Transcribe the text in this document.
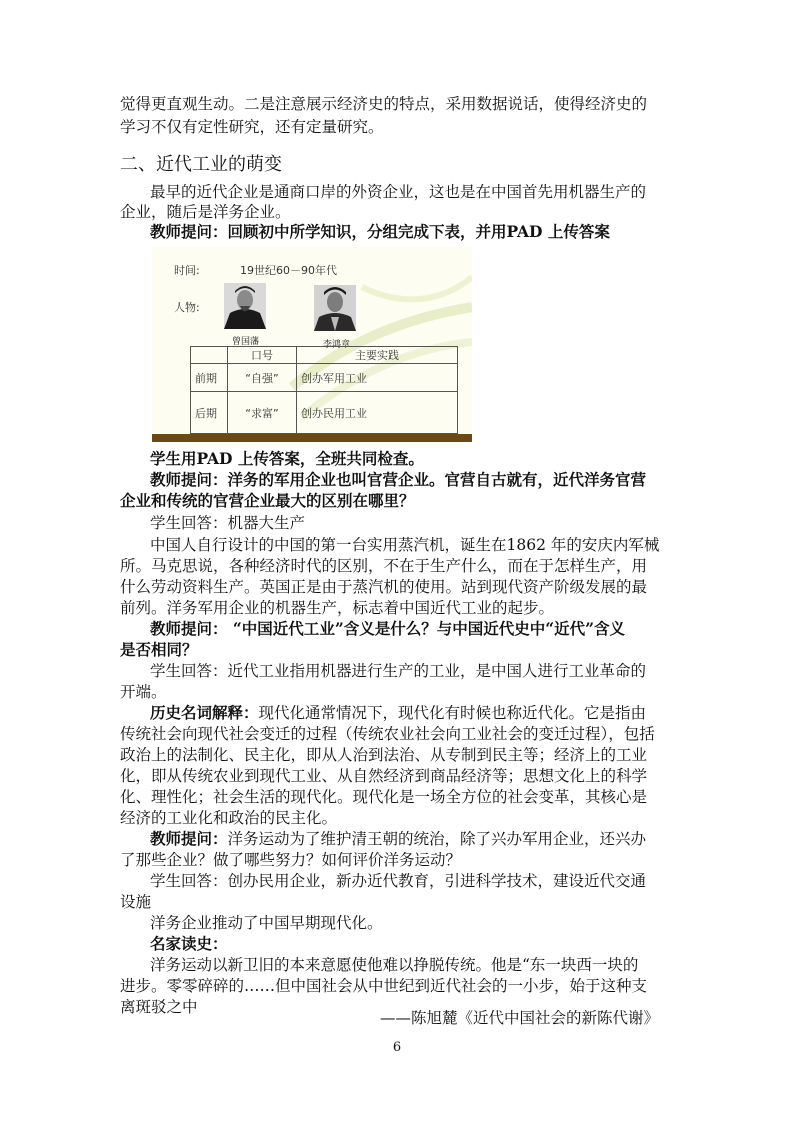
觉得更直观生动。二是注意展示经济史的特点，采用数据说话，使得经济史的
学习不仅有定性研究，还有定量研究。
二、近代工业的萌变
最早的近代企业是通商口岸的外资企业，这也是在中国首先用机器生产的
企业，随后是洋务企业。
教师提问：回顾初中所学知识，分组完成下表，并用PAD 上传答案
时间:	19世纪60－90年代
人物:
曾国藩	李鸿章
	口号	主要实践
前期	“自强”	创办军用工业
后期	“求富”	创办民用工业
学生用PAD 上传答案，全班共同检查。
教师提问：洋务的军用企业也叫官营企业。官营自古就有，近代洋务官营
企业和传统的官营企业最大的区别在哪里？
学生回答：机器大生产
中国人自行设计的中国的第一台实用蒸汽机，诞生在1862 年的安庆内军械
所。马克思说，各种经济时代的区别，不在于生产什么，而在于怎样生产，用
什么劳动资料生产。英国正是由于蒸汽机的使用。站到现代资产阶级发展的最
前列。洋务军用企业的机器生产，标志着中国近代工业的起步。
教师提问： “中国近代工业”含义是什么？与中国近代史中“近代”含义
是否相同？
学生回答：近代工业指用机器进行生产的工业，是中国人进行工业革命的
开端。
历史名词解释：现代化通常情况下，现代化有时候也称近代化。它是指由
传统社会向现代社会变迁的过程（传统农业社会向工业社会的变迁过程），包括
政治上的法制化、民主化，即从人治到法治、从专制到民主等；经济上的工业
化，即从传统农业到现代工业、从自然经济到商品经济等；思想文化上的科学
化、理性化；社会生活的现代化。现代化是一场全方位的社会变革，其核心是
经济的工业化和政治的民主化。
教师提问：洋务运动为了维护清王朝的统治，除了兴办军用企业，还兴办
了那些企业？做了哪些努力？如何评价洋务运动？
学生回答：创办民用企业，新办近代教育，引进科学技术，建设近代交通
设施
洋务企业推动了中国早期现代化。
名家读史：
洋务运动以新卫旧的本来意愿使他难以挣脱传统。他是“东一块西一块的
进步。零零碎碎的……但中国社会从中世纪到近代社会的一小步，始于这种支
离斑驳之中
——陈旭麓《近代中国社会的新陈代谢》
6
